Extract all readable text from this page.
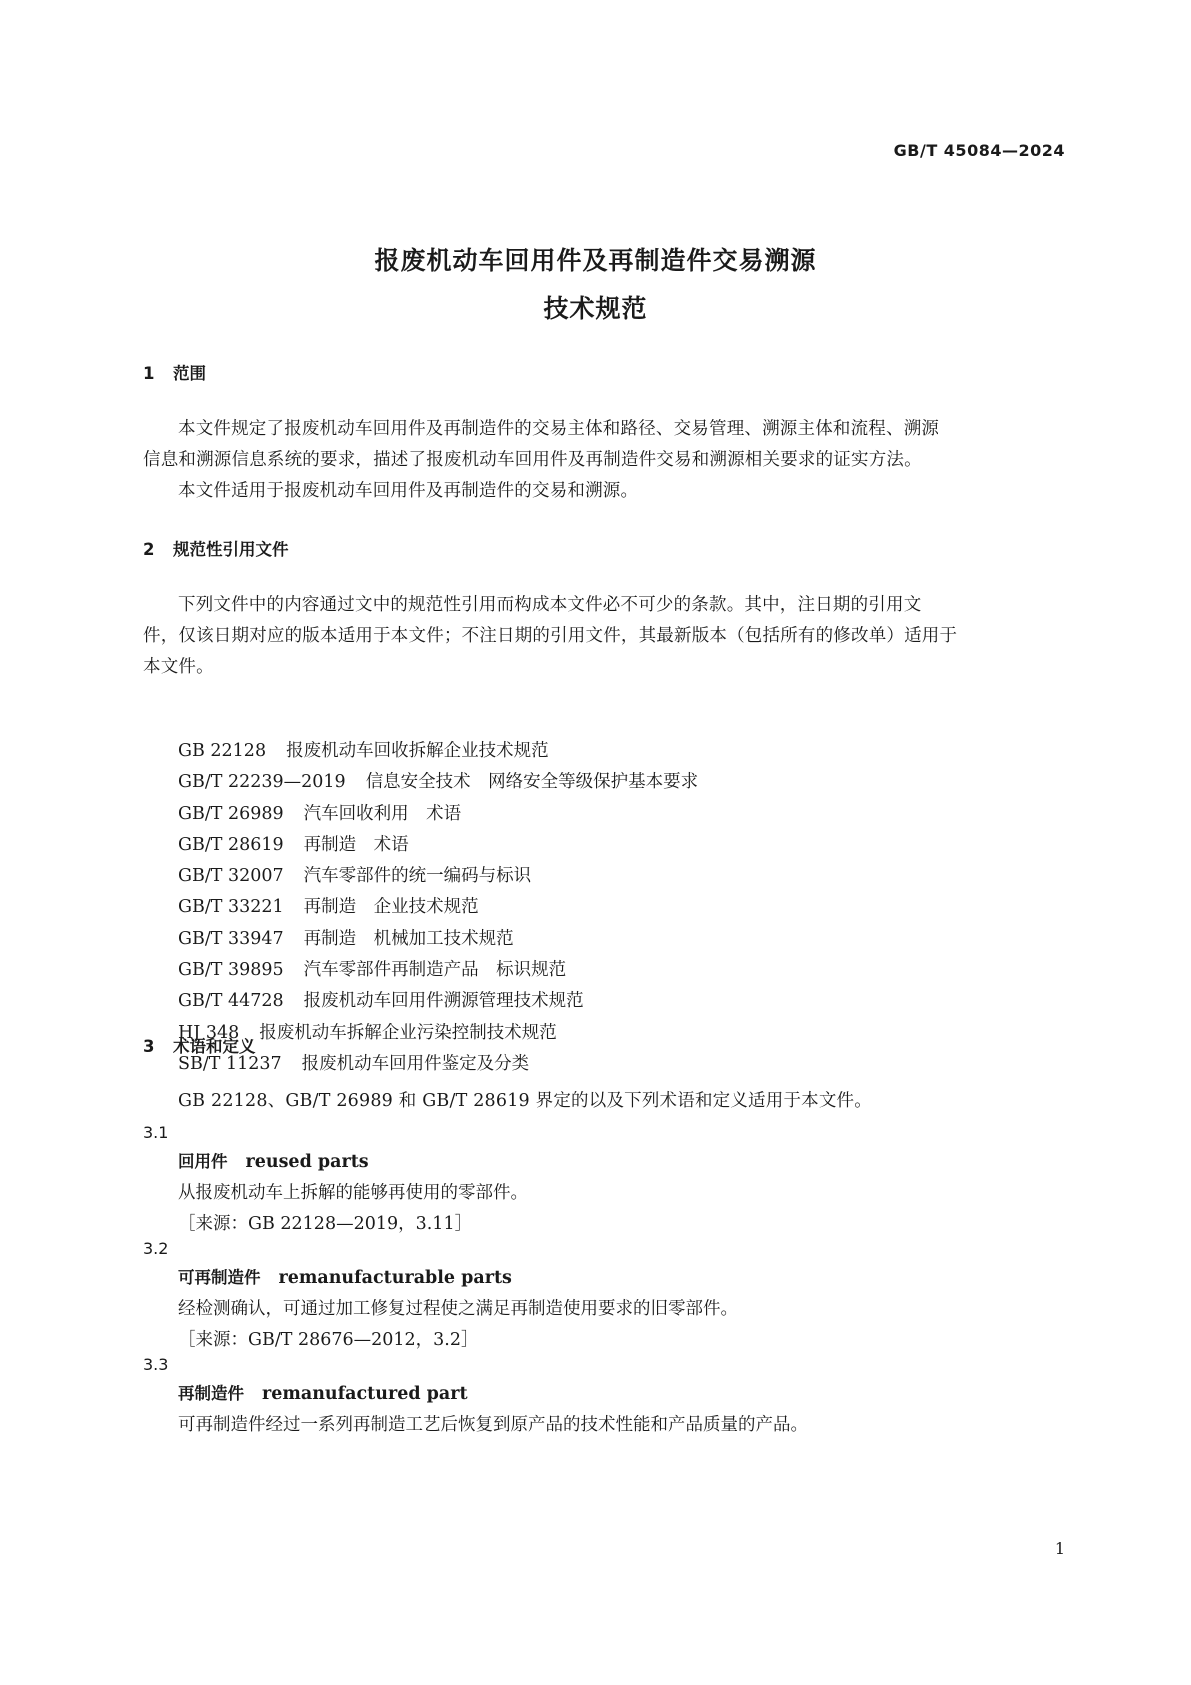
GB/T 45084—2024
报废机动车回用件及再制造件交易溯源
技术规范
1 范围
本文件规定了报废机动车回用件及再制造件的交易主体和路径、交易管理、溯源主体和流程、溯源
信息和溯源信息系统的要求，描述了报废机动车回用件及再制造件交易和溯源相关要求的证实方法。
本文件适用于报废机动车回用件及再制造件的交易和溯源。
2 规范性引用文件
下列文件中的内容通过文中的规范性引用而构成本文件必不可少的条款。其中，注日期的引用文
件，仅该日期对应的版本适用于本文件；不注日期的引用文件，其最新版本（包括所有的修改单）适用于
本文件。
GB 22128 报废机动车回收拆解企业技术规范
GB/T 22239—2019 信息安全技术　网络安全等级保护基本要求
GB/T 26989 汽车回收利用　术语
GB/T 28619 再制造　术语
GB/T 32007 汽车零部件的统一编码与标识
GB/T 33221 再制造　企业技术规范
GB/T 33947 再制造　机械加工技术规范
GB/T 39895 汽车零部件再制造产品　标识规范
GB/T 44728 报废机动车回用件溯源管理技术规范
HJ 348 报废机动车拆解企业污染控制技术规范
SB/T 11237 报废机动车回用件鉴定及分类
3 术语和定义
GB 22128、GB/T 26989 和 GB/T 28619 界定的以及下列术语和定义适用于本文件。
3.1
回用件 reused parts
从报废机动车上拆解的能够再使用的零部件。
［来源：GB 22128—2019，3.11］
3.2
可再制造件 remanufacturable parts
经检测确认，可通过加工修复过程使之满足再制造使用要求的旧零部件。
［来源：GB/T 28676—2012，3.2］
3.3
再制造件 remanufactured part
可再制造件经过一系列再制造工艺后恢复到原产品的技术性能和产品质量的产品。
1
